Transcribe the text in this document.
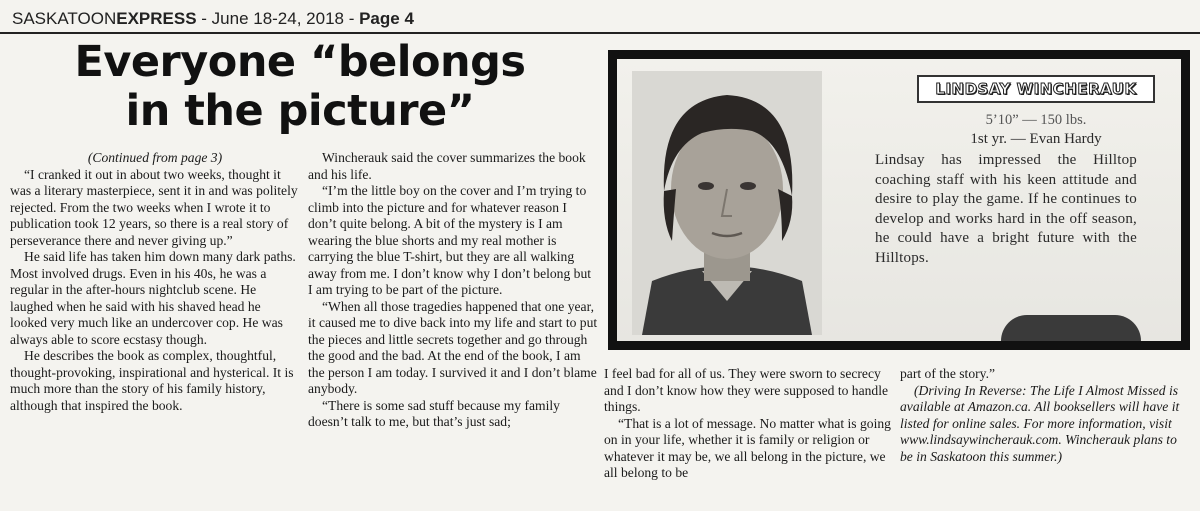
SASKATOONEXPRESS - June 18-24, 2018 - Page 4
Everyone “belongs
in the picture”

(Continued from page 3)

“I cranked it out in about two weeks, thought it was a literary masterpiece, sent it in and was politely rejected. From the two weeks when I wrote it to publication took 12 years, so there is a real story of perseverance there and never giving up.”

He said life has taken him down many dark paths. Most involved drugs. Even in his 40s, he was a regular in the after-hours nightclub scene. He laughed when he said with his shaved head he looked very much like an undercover cop. He was always able to score ecstasy though.

He describes the book as complex, thoughtful, thought-provoking, inspirational and hysterical. It is much more than the story of his family history, although that inspired the book.

Wincherauk said the cover summarizes the book and his life.

“I’m the little boy on the cover and I’m trying to climb into the picture and for whatever reason I don’t quite belong. A bit of the mystery is I am wearing the blue shorts and my real mother is carrying the blue T-shirt, but they are all walking away from me. I don’t know why I don’t belong but I am trying to be part of the picture.

“When all those tragedies happened that one year, it caused me to dive back into my life and start to put the pieces and little secrets together and go through the good and the bad. At the end of the book, I am the person I am today. I survived it and I don’t blame anybody.

“There is some sad stuff because my family doesn’t talk to me, but that’s just sad;

I feel bad for all of us. They were sworn to secrecy and I don’t know how they were supposed to handle things.

“That is a lot of message. No matter what is going on in your life, whether it is family or religion or whatever it may be, we all belong in the picture, we all belong to be

part of the story.”

(Driving In Reverse: The Life I Almost Missed is available at Amazon.ca. All booksellers will have it listed for online sales. For more information, visit www.lindsaywincherauk.com. Wincherauk plans to be in Saskatoon this summer.)

LINDSAY WINCHERAUK
5’10” — 150 lbs.
1st yr. — Evan Hardy
Lindsay has impressed the Hilltop coaching staff with his keen attitude and desire to play the game. If he continues to develop and works hard in the off season, he could have a bright future with the Hilltops.
